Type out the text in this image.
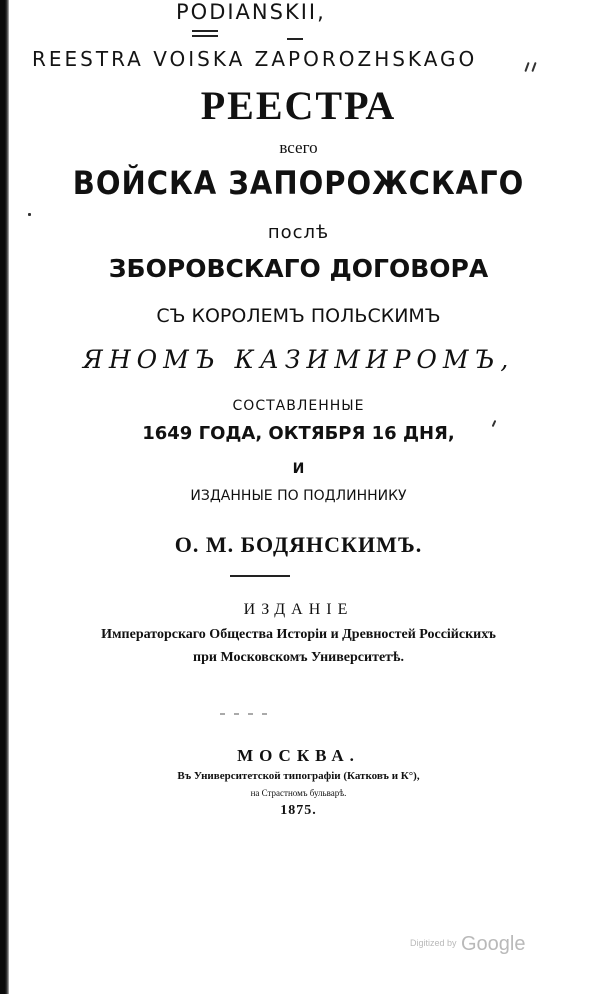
PODIANSKII,
REESTRA VOISKA ZAPOROZHSKAGO
РЕЕСТРА
всего
ВОЙСКА ЗАПОРОЖСКАГО
послѣ
ЗБОРОВСКАГО ДОГОВОРА
СЪ КОРОЛЕМЪ ПОЛЬСКИМЪ
ЯНОМЪ КАЗИМИРОМЪ,
СОСТАВЛЕННЫЕ
1649 ГОДА, ОКТЯБРЯ 16 ДНЯ,
И
ИЗДАННЫЕ ПО ПОДЛИННИКУ
О. М. БОДЯНСКИМЪ.
ИЗДАНІЕ
Императорскаго Общества Исторіи и Древностей Россійскихъ
при Московскомъ Университетѣ.
МОСКВА.
Въ Университетской типографіи (Катковъ и К°),
на Страстномъ бульварѣ.
1875.
$^{Digitized by}$ Google
